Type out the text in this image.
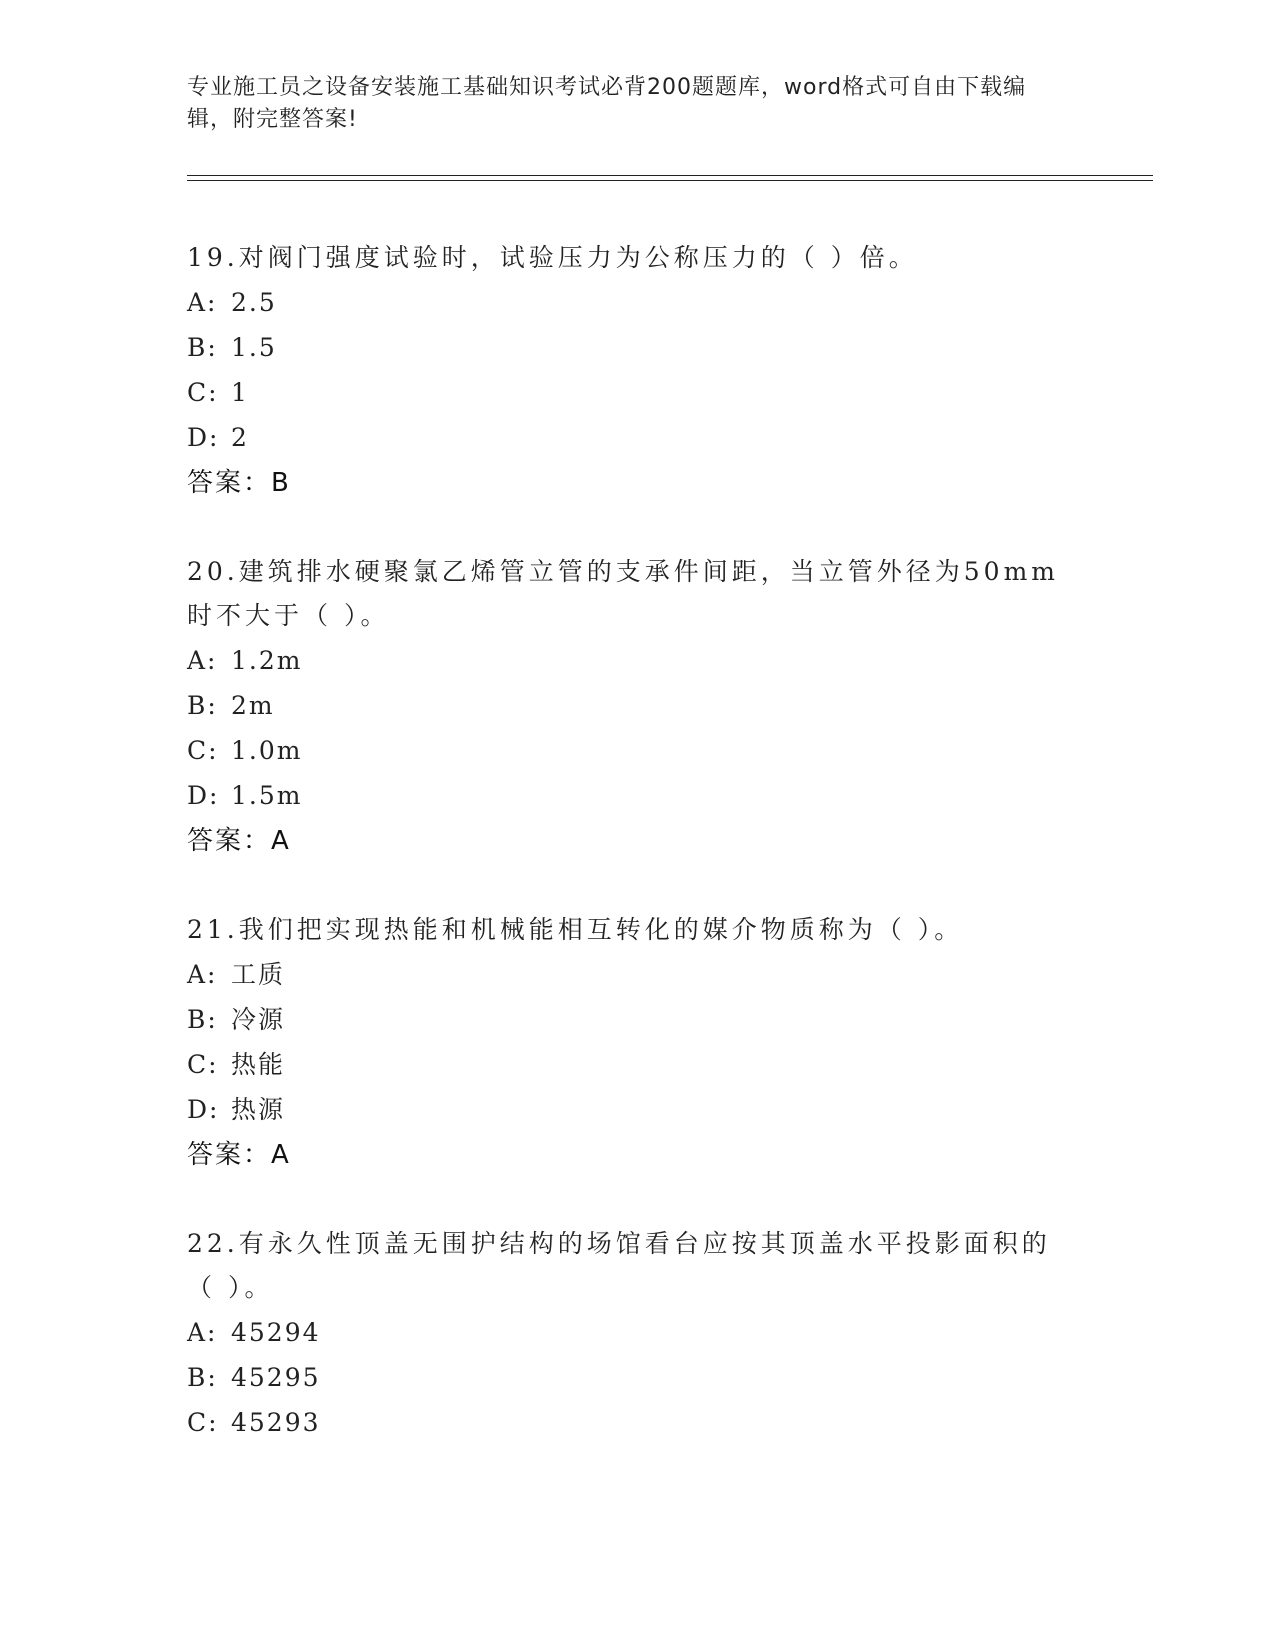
专业施工员之设备安装施工基础知识考试必背200题题库，word格式可自由下载编辑，附完整答案!

19.对阀门强度试验时，试验压力为公称压力的（ ）倍。

A: 2.5
B: 1.5
C: 1
D: 2
答案：B

20.建筑排水硬聚氯乙烯管立管的支承件间距，当立管外径为50mm时不大于（ ）。

A: 1.2m
B: 2m
C: 1.0m
D: 1.5m
答案：A

21.我们把实现热能和机械能相互转化的媒介物质称为（ ）。

A: 工质
B: 冷源
C: 热能
D: 热源
答案：A

22.有永久性顶盖无围护结构的场馆看台应按其顶盖水平投影面积的（ ）。

A: 45294
B: 45295
C: 45293
